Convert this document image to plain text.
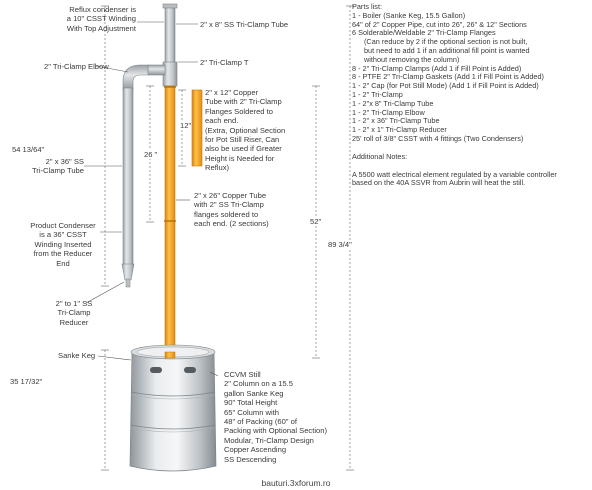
Reflux condenser is
a 10" CSST Winding
With Top Adjustment	2" x 8" SS Tri-Clamp Tube
2" Tri-Clamp Elbow	2" Tri-Clamp T
2" x 12" Copper
Tube with 2" Tri-Clamp
Flanges Soldered to
each end.
(Extra, Optional Section
for Pot Still Riser, Can
also be used if Greater
Height is Needed for
Reflux)
12"
26 "
54 13/64"
2" x 36" SS
Tri-Clamp Tube
2" x 26" Copper Tube
with 2" SS Tri-Clamp
flanges soldered to
each end. (2 sections)	52"
89 3/4"
Product Condenser
is a 36" CSST
Winding Inserted
from the Reducer
End
2" to 1" SS
Tri-Clamp
Reducer
Sanke Keg
35 17/32"
CCVM Still
2" Column on a 15.5
gallon Sanke Keg
90" Total Height
65" Column with
48" of Packing (60" of
Packing with Optional Section)
Modular, Tri-Clamp Design
Copper Ascending
SS Descending
Parts list:
1 - Boiler (Sanke Keg, 15.5 Gallon)
64" of 2" Copper Pipe, cut into 26", 26" & 12" Sections
6 Solderable/Weldable 2" Tri-Clamp Flanges
(Can reduce by 2 if the optional section is not built,
but need to add 1 if an additional fill point is wanted
without removing the column)
8 - 2" Tri-Clamp Clamps (Add 1 if Fill Point is Added)
8 - PTFE 2" Tri-Clamp Gaskets (Add 1 if Fill Point is Added)
1 - 2" Cap (for Pot Still Mode) (Add 1 if Fill Point is Added)
1 - 2" Tri-Clamp
1 - 2"x 8" Tri-Clamp Tube
1 - 2" Tri-Clamp Elbow
1 - 2" x 36" Tri-Clamp Tube
1 - 2" x 1" Tri-Clamp Reducer
25' roll of 3/8" CSST with 4 fittings (Two Condensers)
Additional Notes:
A 5500 watt electrical element regulated by a variable controller
based on the 40A SSVR from Aubrin will heat the still.
bauturi.3xforum.ro
